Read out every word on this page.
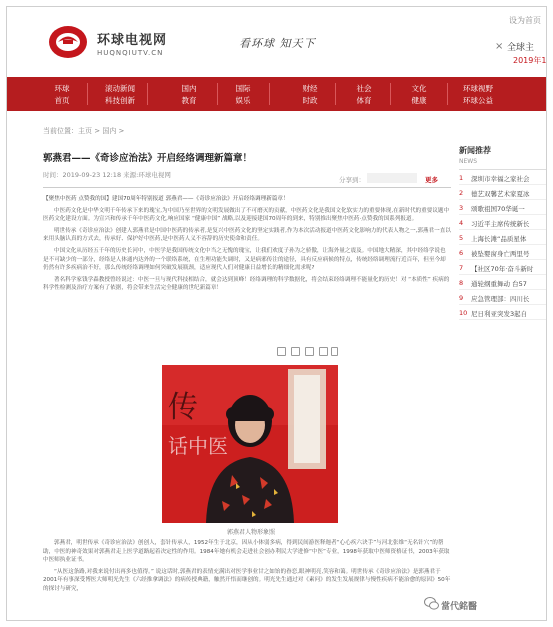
环球电视网
HUQNQIUTV.CN
看环球 知天下
设为首页
× 全球主
2019年1
环球
首页
滚动新闻
科技创新
国内
教育
国际
娱乐
财经
时政
社会
体育
文化
健康
环球视野
环球公益
当前位置：主页 > 国内 >
郭燕君——《奇诊应治法》开启经络调理新篇章！
时间：2019-09-23 12:18 来源:环球电视网
分享到：	更多

【聚焦中医药 点赞我的国】建国70周年特别报道 郭燕君——《奇诊应治法》开启经络调理新篇章！

中医药文化是中华文明千年传承下来的瑰宝,为中国乃至世界的文明发展做出了不可磨灭的贡献，中医药文化是我国文化软实力的重要体现,在新时代的重要议题中医药文化建设方面。为宣兴和传承千年中医药文化,响应国家 “健康中国” 战略,以及迎接建国70周年的到来，特别推出聚焦中医药·点赞我的国系列报道。

明世传承《奇诊应治法》创建人郭燕君是中国中医药的传承者,是复兴中医药文化的坚定实践者,作为本次活动报道中医药文化影响力的代表人物之一,郭燕君一直以来用头脑认真的方式去，传承好、保护好中医药,是中医药人义不容辞的历史使命和责任。

中国文化从历经五千年的历史长河中，中医学是我国传统文化中当之无愧的瑰宝，让我们欢度子孙为之骄傲，让海外量之震及。中国地大精深，其中经络学说也是不可缺少的一部分，经络是人体通内达外的一个联络系统，在生理功能失调时，又是病邪传注的途径，具有反应病候的特点，传统经络调理流行近百年，但至今却仍然有许多疾病治不好，那么传统经络调理如何突破发展瓶颈，适应现代人们对健康日益增长的精细化需求呢?

著名科学家钱学森教授曾经说过：中医一旦与现代科技相结合，就会达到顶峰！经络调理的科学数据化，将会结束经络调理不能量化的历史！对 “本质性” 疾病的科学性检测及治疗方案有了依据，将会带来生活完全健康的世纪新篇章！

传
话中医
郭燕君人物形象照

郭燕君，明世传承《奇诊应治法》创创人，套针传承人，1952年生于北京，因从小体弱多病，得到民间游医释迦者“心心疾六诀手”与河北张维“无名针穴”的帮助，中医的神奇效果对郭燕君走上医学道路起着决定性的作用。1984年她有机会走进社会创办利民大学进修“中医”专业，1998年获取中医师资格证书，2003年获取中医师执业证书。

“从医这条路,对我来说付出再多也值得。” 说这话时,郭燕君的表情充满出对医学事业甘之如饴的眷恋,眼神明亮,笑容和蔼。明世传承《奇诊应治法》是郭燕君于2001年有事深受博医大师明光先生《六经推拿调法》的病传授典籍，触然开悟而继创的。明光先生通过对《素问》的发生发展规律与慢性疾病不能治愈的原因》50年的探讨与研究，

新闻推荐
NEWS
1	深圳市幸福之家社会
2	德艺双馨艺术家夏冰
3	颂歌祖国70华诞一
4	习近平主席传统新长
5	上海长滩“品质星体
6	被坠婴窗身亡两里号
7	【社区70年·奋斗新时
8	通轮纲重舞动 台57
9	应急管理部：四川长
10 尼日利亚突发3起自
當代銘醫
